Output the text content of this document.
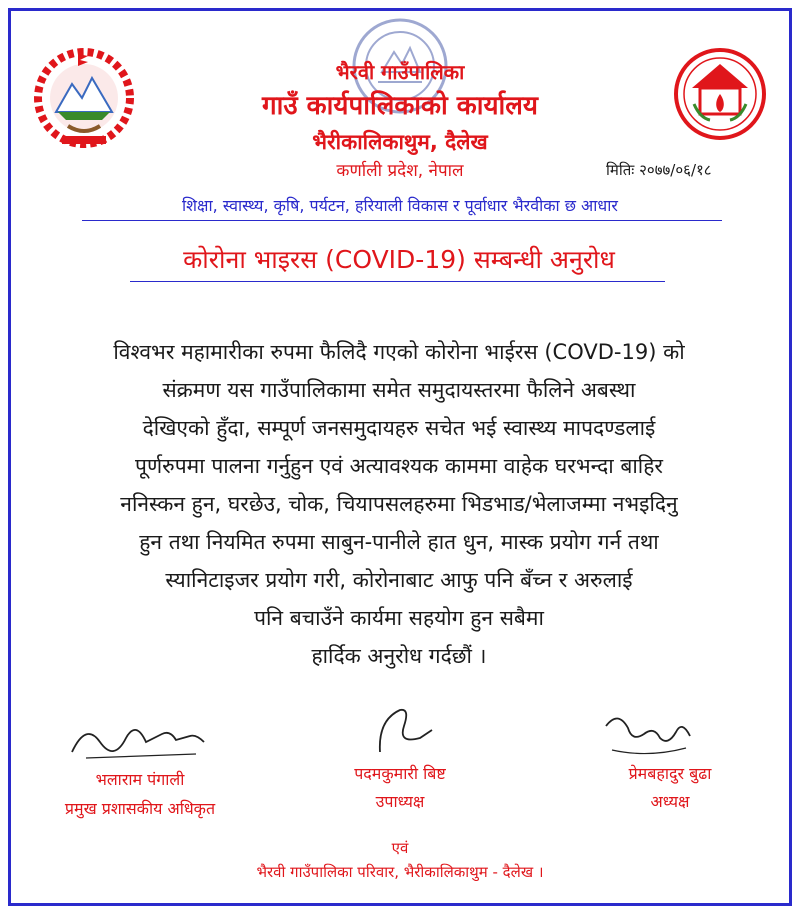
भैरवी गाउँपालिका
गाउँ कार्यपालिकाको कार्यालय
भैरीकालिकाथुम, दैलेख
कर्णाली प्रदेश, नेपाल	मितिः २०७७/०६/१८
शिक्षा, स्वास्थ्य, कृषि, पर्यटन, हरियाली विकास र पूर्वाधार भैरवीका छ आधार
कोरोना भाइरस (COVID-19) सम्बन्धी अनुरोध
विश्वभर महामारीका रुपमा फैलिदै गएको कोरोना भाईरस (COVD-19) को
संक्रमण यस गाउँपालिकामा समेत समुदायस्तरमा फैलिने अबस्था
देखिएको हुँदा, सम्पूर्ण जनसमुदायहरु सचेत भई स्वास्थ्य मापदण्डलाई
पूर्णरुपमा पालना गर्नुहुन एवं अत्यावश्यक काममा वाहेक घरभन्दा बाहिर
ननिस्कन हुन, घरछेउ, चोक, चियापसलहरुमा भिडभाड/भेलाजम्मा नभइदिनु
हुन तथा नियमित रुपमा साबुन-पानीले हात धुन, मास्क प्रयोग गर्न तथा
स्यानिटाइजर प्रयोग गरी, कोरोनाबाट आफु पनि बँच्न र अरुलाई
पनि बचाउँने कार्यमा सहयोग हुन सबैमा
हार्दिक अनुरोध गर्दछौं ।
भलाराम पंगाली
प्रमुख प्रशासकीय अधिकृत
पदमकुमारी बिष्ट
उपाध्यक्ष
प्रेमबहादुर बुढा
अध्यक्ष
एवं
भैरवी गाउँपालिका परिवार, भैरीकालिकाथुम - दैलेख ।
